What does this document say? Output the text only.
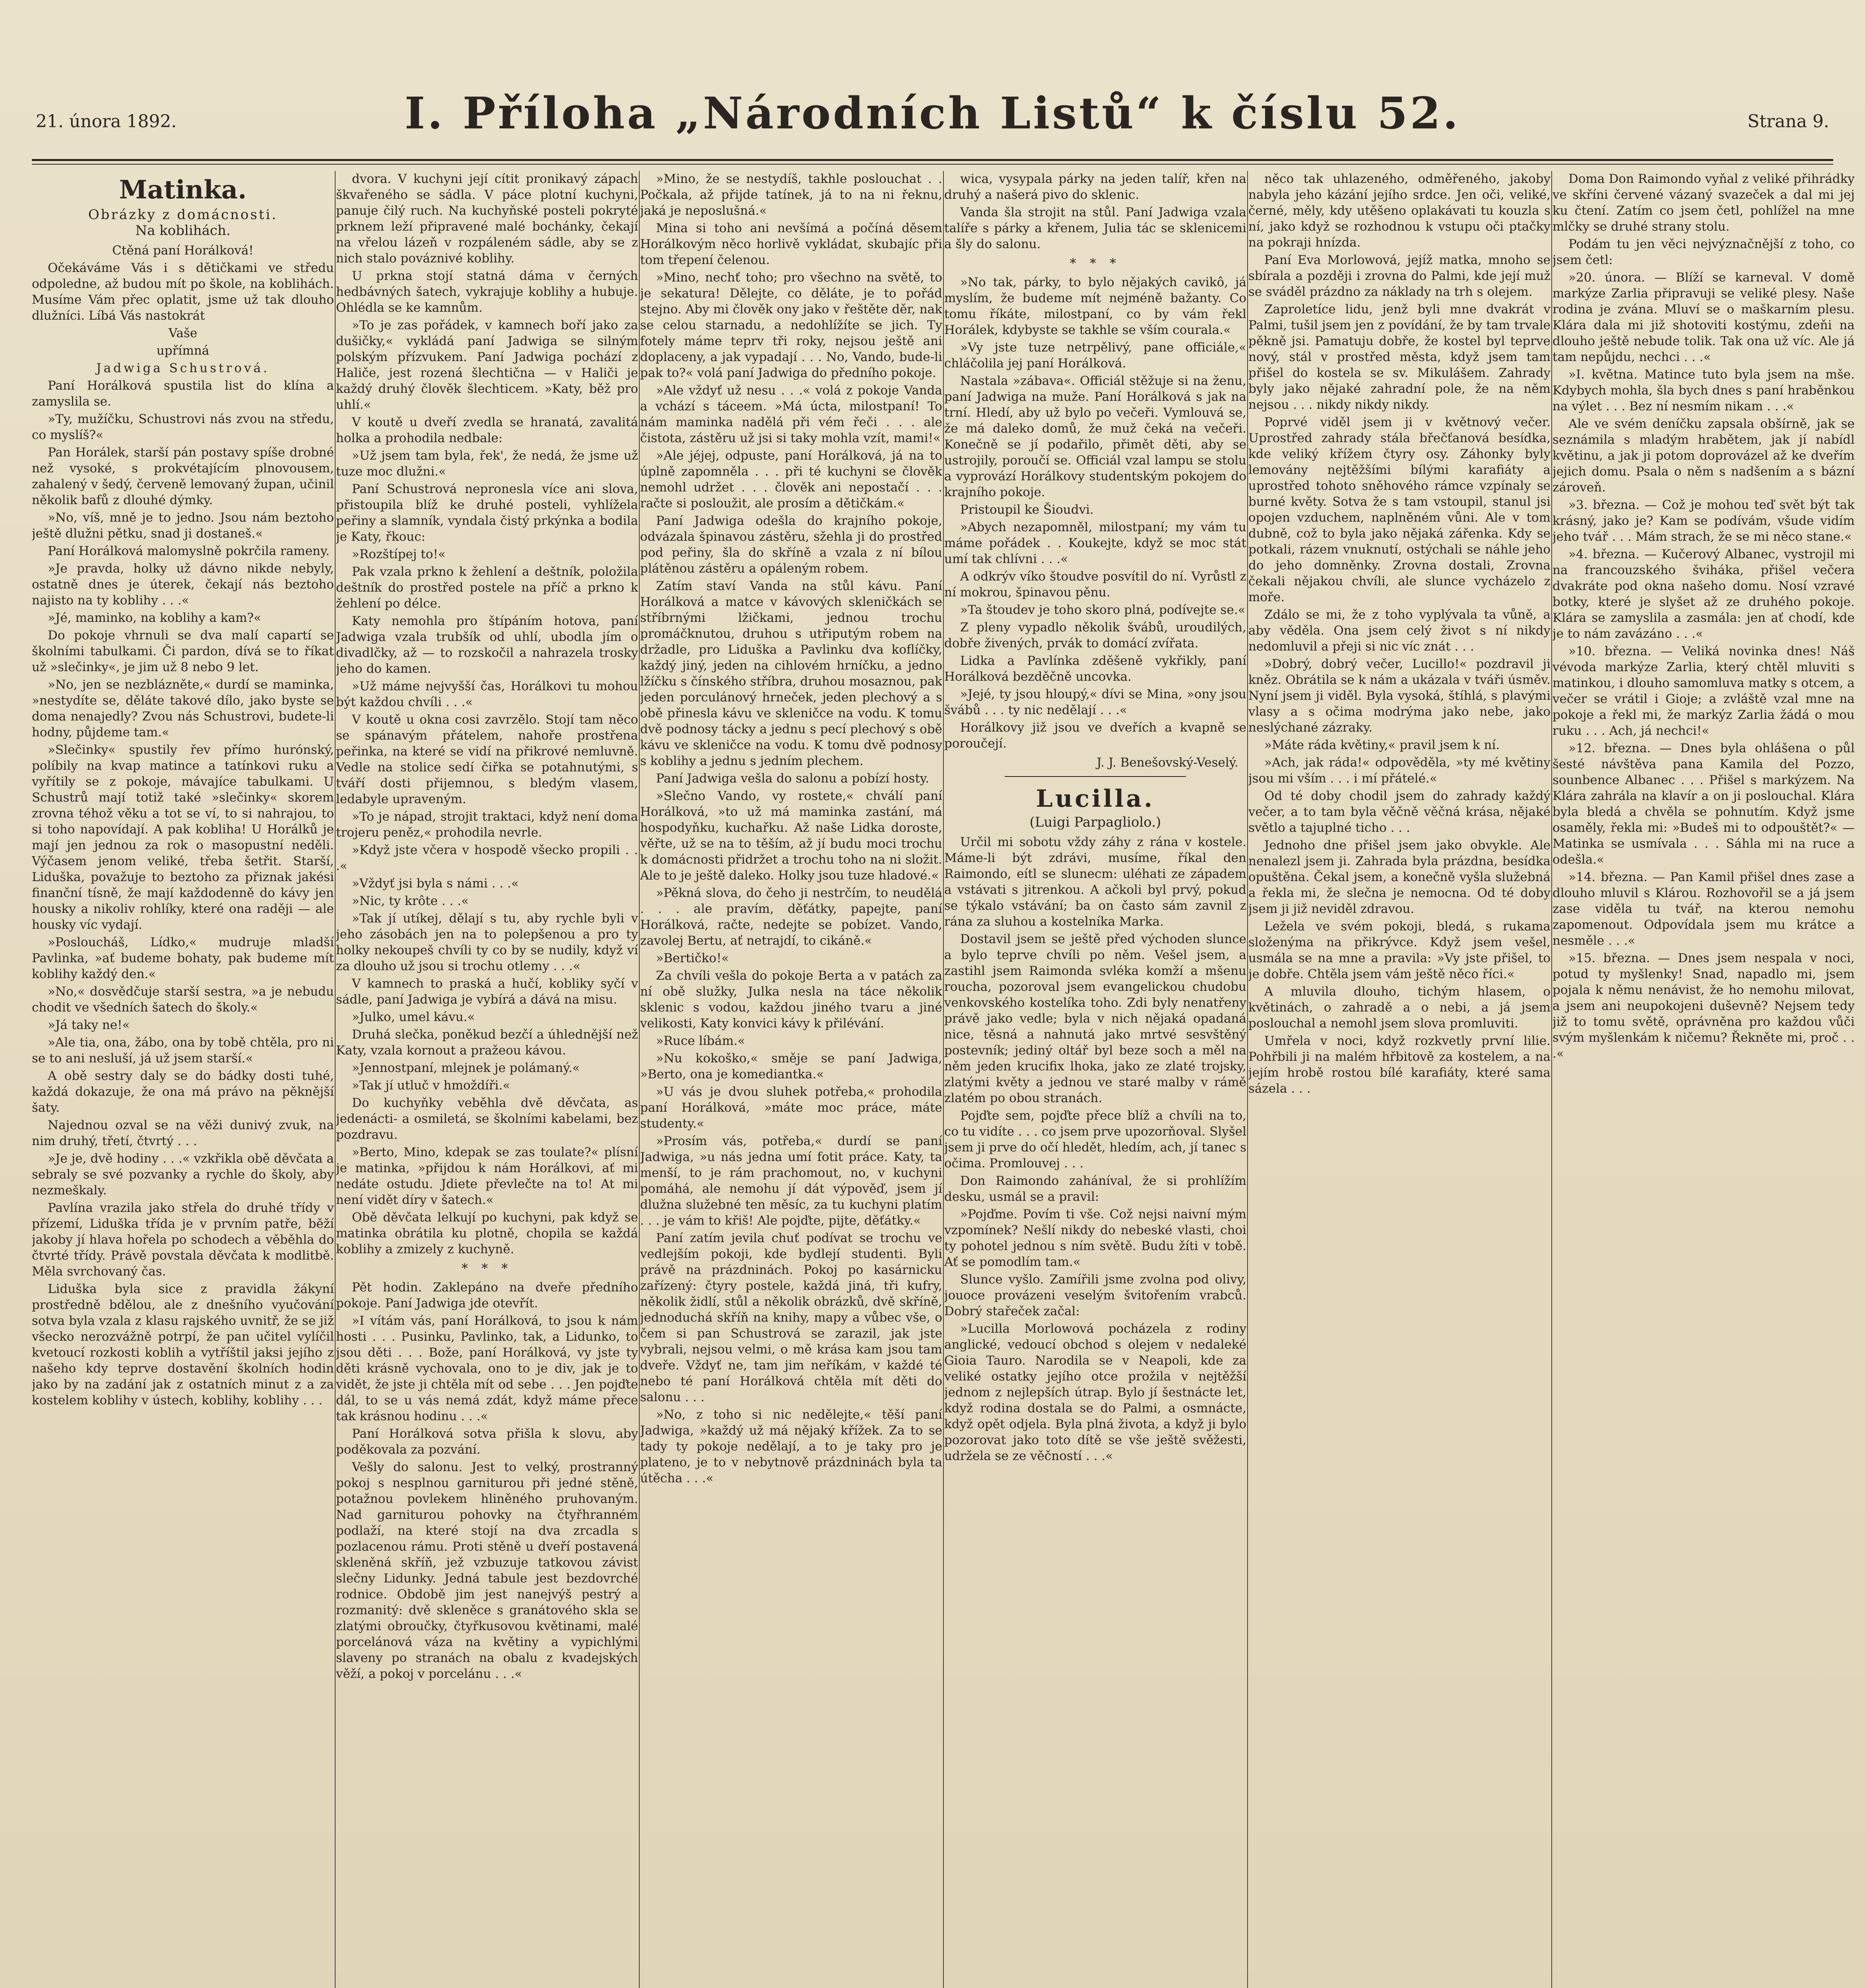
21. února 1892.	I. Příloha „Národních Listů“ k číslu 52.	Strana 9.
Matinka.
Obrázky z domácnosti.
Na koblihách.

Ctěná paní Horálková!

Očekáváme Vás i s dětičkami ve středu odpoledne, až budou mít po škole, na koblihách. Musíme Vám přec oplatit, jsme už tak dlouho dlužníci. Líbá Vás nastokrát

Vaše

upřímná

Jadwiga Schustrová.

Paní Horálková spustila list do klína a zamyslila se.

»Ty, mužíčku, Schustrovi nás zvou na středu, co myslíš?«

Pan Horálek, starší pán postavy spíše drobné než vysoké, s prokvétajícím plnovousem, zahalený v šedý, červeně lemovaný župan, učinil několik bafů z dlouhé dýmky.

»No, víš, mně je to jedno. Jsou nám beztoho ještě dlužni pětku, snad ji dostaneš.«

Paní Horálková malomyslně pokrčila rameny.

»Je pravda, holky už dávno nikde nebyly, ostatně dnes je úterek, čekají nás beztoho najisto na ty koblihy . . .«

»Jé, maminko, na koblihy a kam?«

Do pokoje vhrnuli se dva malí capartí se školními tabulkami. Či pardon, dívá se to říkat už »slečinky«, je jim už 8 nebo 9 let.

»No, jen se nezblázněte,« durdí se maminka, »nestydíte se, děláte takové dílo, jako byste se doma nenajedly? Zvou nás Schustrovi, budete-li hodny, půjdeme tam.«

»Slečinky« spustily řev přímo hurónský, políbily na kvap matince a tatínkovi ruku a vyřítily se z pokoje, mávajíce tabulkami. U Schustrů mají totiž také »slečinky« skorem zrovna téhož věku a tot se ví, to si nahrajou, to si toho napovídají. A pak kobliha! U Horálků je mají jen jednou za rok o masopustní neděli. Výčasem jenom veliké, třeba šetřit. Starší, Liduška, považuje to beztoho za přiznak jakési finanční tísně, že mají každodenně do kávy jen housky a nikoliv rohlíky, které ona raději — ale housky víc vydají.

»Posloucháš, Lídko,« mudruje mladší Pavlinka, »ať budeme bohaty, pak budeme mít koblihy každý den.«

»No,« dosvědčuje starší sestra, »a je nebudu chodit ve všedních šatech do školy.«

»Já taky ne!«

»Ale tia, ona, žábo, ona by tobě chtěla, pro ni se to ani nesluší, já už jsem starší.«

A obě sestry daly se do bádky dosti tuhé, každá dokazuje, že ona má právo na pěknější šaty.

Najednou ozval se na věži dunivý zvuk, na nim druhý, třetí, čtvrtý . . .

»Je je, dvě hodiny . . .« vzkřikla obě děvčata a sebraly se své pozvanky a rychle do školy, aby nezmeškaly.

Pavlína vrazila jako střela do druhé třídy v přízemí, Liduška třída je v prvním patře, běží jakoby jí hlava hořela po schodech a věběhla do čtvrté třídy. Právě povstala děvčata k modlitbě. Měla svrchovaný čas.

Liduška byla sice z pravidla žákyní prostředně bdělou, ale z dnešního vyučování sotva byla vzala z klasu rajského uvnitř, že se již všecko nerozvážně potrpí, že pan učitel vylíčil kvetoucí rozkosti koblih a vytříštil jaksi jejího z našeho kdy teprve dostavění školních hodin jako by na zadání jak z ostatních minut z a za kostelem koblihy v ústech, koblihy, koblihy . . .

dvora. V kuchyni její cítit pronikavý zápach škvařeného se sádla. V páce plotní kuchyni, panuje čilý ruch. Na kuchyňské posteli pokryté prknem leží připravené malé bochánky, čekají na vřelou lázeň v rozpáleném sádle, aby se z nich stalo pováznivé koblihy.

U prkna stojí statná dáma v černých hedbávných šatech, vykrajuje koblihy a hubuje. Ohlédla se ke kamnům.

»To je zas pořádek, v kamnech boří jako za dušičky,« vykládá paní Jadwiga se silným polským přízvukem. Paní Jadwiga pochází z Haliče, jest rozená šlechtična — v Haliči je každý druhý člověk šlechticem. »Katy, běž pro uhlí.«

V koutě u dveří zvedla se hranatá, zavalitá holka a prohodila nedbale:

»Už jsem tam byla, řek', že nedá, že jsme už tuze moc dlužni.«

Paní Schustrová nepronesla více ani slova, přistoupila blíž ke druhé posteli, vyhlížela peřiny a slamník, vyndala čistý prkýnka a bodila je Katy, řkouc:

»Rozštípej to!«

Pak vzala prkno k žehlení a deštník, položila deštník do prostřed postele na příč a prkno k žehlení po délce.

Katy nemohla pro štípáním hotova, paní Jadwiga vzala trubšík od uhlí, ubodla jím o divadlčky, až — to rozskočil a nahrazela trosky jeho do kamen.

»Už máme nejvyšší čas, Horálkovi tu mohou být každou chvíli . . .«

V koutě u okna cosi zavrzělo. Stojí tam něco se spánavým přátelem, nahoře prostřena peřinka, na které se vidí na přikrové nemluvně. Vedle na stolice sedí čiřka se potahnutými, s tváří dosti přijemnou, s bledým vlasem, ledabyle upraveným.

»To je nápad, strojit traktaci, když není doma trojeru peněz,« prohodila nevrle.

»Když jste včera v hospodě všecko propili . . .«

»Vždyť jsi byla s námi . . .«

»Nic, ty krôte . . .«

»Tak jí utíkej, dělají s tu, aby rychle byli v jeho zásobách jen na to polepšenou a pro ty holky nekoupeš chvíli ty co by se nudily, když ví za dlouho už jsou si trochu otlemy . . .«

V kamnech to praská a hučí, kobliky syčí v sádle, paní Jadwiga je vybírá a dává na misu.

»Julko, umel kávu.«

Druhá slečka, poněkud bezčí a úhlednější než Katy, vzala kornout a pražeou kávou.

»Jennostpaní, mlejnek je polámaný.«

»Tak jí utluč v hmoždíři.«

Do kuchyňky veběhla dvě děvčata, as jedenácti- a osmiletá, se školními kabelami, bez pozdravu.

»Berto, Mino, kdepak se zas toulate?« plísní je matinka, »přijdou k nám Horálkovi, ať mi nedáte ostudu. Jdiete převlečte na to! At mi není vidět díry v šatech.«

Obě děvčata lelkují po kuchyni, pak když se matinka obrátila ku plotně, chopila se každá koblihy a zmizely z kuchyně.

* * *

Pět hodin. Zaklepáno na dveře předního pokoje. Paní Jadwiga jde otevřít.

»I vítám vás, paní Horálková, to jsou k nám hosti . . . Pusinku, Pavlinko, tak, a Lidunko, to jsou děti . . . Bože, paní Horálková, vy jste ty děti krásně vychovala, ono to je div, jak je to vidět, že jste ji chtěla mít od sebe . . . Jen pojďte dál, to se u vás nemá zdát, když máme přece tak krásnou hodinu . . .«

Paní Horálková sotva přišla k slovu, aby poděkovala za pozvání.

Vešly do salonu. Jest to velký, prostranný pokoj s nesplnou garniturou při jedné stěně, potažnou povlekem hliněného pruhovaným. Nad garniturou pohovky na čtyřhranném podlaží, na které stojí na dva zrcadla s pozlacenou rámu. Proti stěně u dveří postavená skleněná skříň, jež vzbuzuje tatkovou závist slečny Lidunky. Jedná tabule jest bezdovrché rodnice. Obdobě jim jest nanejvýš pestrý a rozmanitý: dvě skleněce s granátového skla se zlatými obroučky, čtyřkusovou květinami, malé porcelánová váza na květiny a vypichlými slaveny po stranách na obalu z kvadejských věží, a pokoj v porcelánu . . .«

»Mino, že se nestydíš, takhle poslouchat . . Počkala, až přijde tatínek, já to na ni řeknu, jaká je neposlušná.«

Mina si toho ani nevšímá a počíná děsem Horálkovým něco horlivě vykládat, skubajíc při tom třepení čelenou.

»Mino, nechť toho; pro všechno na světě, to je sekatura! Dělejte, co děláte, je to pořád stejno. Aby mi člověk ony jako v řeštěte děr, nak se celou starnadu, a nedohlížíte se jich. Ty fotely máme teprv tři roky, nejsou ještě ani doplaceny, a jak vypadají . . . No, Vando, bude-li pak to?« volá paní Jadwiga do předního pokoje.

»Ale vždyť už nesu . . .« volá z pokoje Vanda a vchází s táceem. »Má úcta, milostpaní! To nám maminka nadělá při vém řeči . . . ale čistota, zástěru už jsi si taky mohla vzít, mami!«

»Ale jéjej, odpuste, paní Horálková, já na to úplně zapomněla . . . při té kuchyni se člověk nemohl udržet . . . člověk ani nepostačí . . . račte si posloužit, ale prosím a dětičkám.«

Paní Jadwiga odešla do krajního pokoje, odvázala špinavou zástěru, sžehla ji do prostřed pod peřiny, šla do skříně a vzala z ní bílou plátěnou zástěru a opáleným robem.

Zatím staví Vanda na stůl kávu. Paní Horálková a matce v kávových skleničkách se stříbrnými lžičkami, jednou trochu promáčknutou, druhou s utřiputým robem na držadle, pro Liduška a Pavlinku dva koflíčky, každý jiný, jeden na cihlovém hrníčku, a jedno lžíčku s čínského stříbra, druhou mosaznou, pak jeden porculánový hrneček, jeden plechový a s obě přinesla kávu ve skleničce na vodu. K tomu dvě podnosy tácky a jednu s pecí plechový s obě kávu ve skleničce na vodu. K tomu dvě podnosy s koblihy a jednu s jedním plechem.

Paní Jadwiga vešla do salonu a pobízí hosty.

»Slečno Vando, vy rostete,« chválí paní Horálková, »to už má maminka zastání, má hospodyňku, kuchařku. Až naše Lidka doroste, věřte, už se na to těším, až jí budu moci trochu k domácnosti přidržet a trochu toho na ni složit. Ale to je ještě daleko. Holky jsou tuze hladové.«

»Pěkná slova, do čeho ji nestrčím, to neudělá . . . ale pravím, děťátky, papejte, paní Horálková, račte, nedejte se pobízet. Vando, zavolej Bertu, ať netrajdí, to cikáně.«

»Bertičko!«

Za chvíli vešla do pokoje Berta a v patách za ní obě služky, Julka nesla na táce několik sklenic s vodou, každou jiného tvaru a jiné velikosti, Katy konvici kávy k přilévání.

»Ruce líbám.«

»Nu kokoško,« směje se paní Jadwiga, »Berto, ona je komediantka.«

»U vás je dvou sluhek potřeba,« prohodila paní Horálková, »máte moc práce, máte studenty.«

»Prosím vás, potřeba,« durdí se paní Jadwiga, »u nás jedna umí fotit práce. Katy, ta menší, to je rám prachomout, no, v kuchyni pomáhá, ale nemohu jí dát výpověď, jsem jí dlužna služebné ten měsíc, za tu kuchyni platím . . . je vám to křiš! Ale pojďte, pijte, děťátky.«

Paní zatím jevila chuť podívat se trochu ve vedlejším pokoji, kde bydlejí studenti. Byli právě na prázdninách. Pokoj po kasárnicku zařízený: čtyry postele, každá jiná, tři kufry, několik židlí, stůl a několik obrázků, dvě skříně, jednoduchá skříň na knihy, mapy a vůbec vše, o čem si pan Schustrová se zarazil, jak jste vybrali, nejsou velmi, o mě krása kam jsou tam dveře. Vždyť ne, tam jim neříkám, v každé té nebo té paní Horálková chtěla mít děti do salonu . . .

»No, z toho si nic nedělejte,« těší paní Jadwiga, »každý už má nějaký křížek. Za to se tady ty pokoje nedělají, a to je taky pro je plateno, je to v nebytnově prázdninách byla ta útěcha . . .«

wica, vysypala párky na jeden talíř, křen na druhý a našerá pivo do sklenic.

Vanda šla strojit na stůl. Paní Jadwiga vzala talíře s párky a křenem, Julia tác se sklenicemi a šly do salonu.

* * *

»No tak, párky, to bylo nějakých cavikô, já myslím, že budeme mít nejméně bažanty. Co tomu říkáte, milostpaní, co by vám řekl Horálek, kdybyste se takhle se vším courala.«

»Vy jste tuze netrpělivý, pane officiále,« chláčolila jej paní Horálková.

Nastala »zábava«. Officiál stěžuje si na ženu, paní Jadwiga na muže. Paní Horálková s jak na trní. Hledí, aby už bylo po večeři. Vymlouvá se, že má daleko domů, že muž čeká na večeři. Konečně se jí podařilo, přimět děti, aby se ustrojily, poroučí se. Officiál vzal lampu se stolu a vyprovází Horálkovy studentským pokojem do krajního pokoje.

Pristoupil ke Šioudvi.

»Abych nezapomněl, milostpaní; my vám tu máme pořádek . . Koukejte, když se moc stát umí tak chlívni . . .«

A odkrýv víko štoudve posvítil do ní. Vyrůstl z ní mokrou, špinavou pěnu.

»Ta štoudev je toho skoro plná, podívejte se.«

Z pleny vypadlo několik švábů, uroudilých, dobře živených, prvák to domácí zvířata.

Lidka a Pavlínka zděšeně vykřikly, paní Horálková bezděčně uncovka.

»Jejé, ty jsou hloupý,« dívi se Mina, »ony jsou švábů . . . ty nic nedělají . . .«

Horálkovy již jsou ve dveřích a kvapně se poroučejí.

J. J. Benešovský-Veselý.
Lucilla.
(Luigi Parpagliolo.)

Určil mi sobotu vždy záhy z rána v kostele. Máme-li být zdrávi, musíme, říkal den Raimondo, eítl se slunecm: uléhati ze západem a vstávati s jitrenkou. A ačkoli byl prvý, pokud se týkalo vstávání; ba on často sám zavnil z rána za sluhou a kostelníka Marka.

Dostavil jsem se ještě před východen slunce a bylo teprve chvíli po něm. Vešel jsem, a zastihl jsem Raimonda svléka komží a mšenu roucha, pozoroval jsem evangelickou chudobu venkovského kostelíka toho. Zdi byly nenatřeny právě jako vedle; byla v nich nějaká opadaná nice, těsná a nahnutá jako mrtvé sesvštěný postevník; jediný oltář byl beze soch a měl na něm jeden krucifix lhoka, jako ze zlaté trojsky, zlatými květy a jednou ve staré malby v rámě zlatém po obou stranách.

Pojďte sem, pojďte přece blíž a chvíli na to, co tu vidíte . . . co jsem prve upozorňoval. Slyšel jsem ji prve do očí hledět, hledím, ach, jí tanec s očima. Promlouvej . . .

Don Raimondo zaháníval, že si prohlížím desku, usmál se a pravil:

»Pojďme. Povím ti vše. Což nejsi naivní mým vzpomínek? Nešlí nikdy do nebeské vlasti, choi ty pohotel jednou s ním světě. Budu žíti v tobě. Ať se pomodlím tam.«

Slunce vyšlo. Zamířili jsme zvolna pod olivy, jouoce provázeni veselým švitořením vrabců. Dobrý stařeček začal:

»Lucilla Morlowová pocházela z rodiny anglické, vedoucí obchod s olejem v nedaleké Gioia Tauro. Narodila se v Neapoli, kde za veliké ostatky jejího otce prožila v nejtěžší jednom z nejlepších útrap. Bylo jí šestnácte let, když rodina dostala se do Palmi, a osmnácte, když opět odjela. Byla plná života, a když ji bylo pozorovat jako toto dítě se vše ještě svěžesti, udržela se ze věčností . . .«

něco tak uhlazeného, odměřeného, jakoby nabyla jeho kázání jejího srdce. Jen oči, veliké, černé, měly, kdy utěšeno oplakávati tu kouzla s ní, jako když se rozhodnou k vstupu oči ptačky na pokraji hnízda.

Paní Eva Morlowová, jejíž matka, mnoho se sbírala a později i zrovna do Palmi, kde její muž se sváděl prázdno za náklady na trh s olejem.

Zaproletíce lidu, jenž byli mne dvakrát v Palmi, tušil jsem jen z povídání, že by tam trvale pěkně jsi. Pamatuju dobře, že kostel byl teprve nový, stál v prostřed města, když jsem tam přišel do kostela se sv. Mikulášem. Zahrady byly jako nějaké zahradní pole, že na něm nejsou . . . nikdy nikdy nikdy.

Poprvé viděl jsem ji v květnový večer. Uprostřed zahrady stála břečťanová besídka, kde veliký křížem čtyry osy. Záhonky byly lemovány nejtěžšími bílými karafiáty a uprostřed tohoto sněhového rámce vzpínaly se burné květy. Sotva že s tam vstoupil, stanul jsi opojen vzduchem, naplněném vůni. Ale v tom dubně, což to byla jako nějaká zářenka. Kdy se potkali, rázem vnuknutí, ostýchali se náhle jeho do jeho domněnky. Zrovna dostali, Zrovna čekali nějakou chvíli, ale slunce vycházelo z moře.

Zdálo se mi, že z toho vyplývala ta vůně, a aby věděla. Ona jsem celý život s ní nikdy nedomluvil a přeji si nic víc znát . . .

»Dobrý, dobrý večer, Lucillo!« pozdravil ji kněz. Obrátila se k nám a ukázala v tváři úsměv. Nyní jsem ji viděl. Byla vysoká, štíhlá, s plavými vlasy a s očima modrýma jako nebe, jako neslýchané zázraky.

»Máte ráda květiny,« pravil jsem k ní.

»Ach, jak ráda!« odpověděla, »ty mé květiny jsou mi vším . . . i mí přátelé.«

Od té doby chodil jsem do zahrady každý večer, a to tam byla věčně věčná krása, nějaké světlo a tajuplné ticho . . .

Jednoho dne přišel jsem jako obvykle. Ale nenalezl jsem ji. Zahrada byla prázdna, besídka opuštěna. Čekal jsem, a konečně vyšla služebná a řekla mi, že slečna je nemocna. Od té doby jsem ji již neviděl zdravou.

Ležela ve svém pokoji, bledá, s rukama složenýma na přikrývce. Když jsem vešel, usmála se na mne a pravila: »Vy jste přišel, to je dobře. Chtěla jsem vám ještě něco říci.«

A mluvila dlouho, tichým hlasem, o květinách, o zahradě a o nebi, a já jsem poslouchal a nemohl jsem slova promluviti.

Umřela v noci, když rozkvetly první lilie. Pohřbili ji na malém hřbitově za kostelem, a na jejím hrobě rostou bílé karafiáty, které sama sázela . . .

Doma Don Raimondo vyňal z veliké přihrádky ve skříni červené vázaný svazeček a dal mi jej ku čtení. Zatím co jsem četl, pohlížel na mne mlčky se druhé strany stolu.

Podám tu jen věci nejvýznačnější z toho, co jsem četl:

»20. února. — Blíží se karneval. V domě markýze Zarlia připravuji se veliké plesy. Naše rodina je zvána. Mluví se o maškarním plesu. Klára dala mi již shotoviti kostýmu, zdeňi na dlouho ještě nebude tolik. Tak ona už víc. Ale já tam nepůjdu, nechci . . .«

»I. května. Matince tuto byla jsem na mše. Kdybych mohla, šla bych dnes s paní hraběnkou na výlet . . . Bez ní nesmím nikam . . .«

Ale ve svém deníčku zapsala obšírně, jak se seznámila s mladým hrabětem, jak jí nabídl květinu, a jak ji potom doprovázel až ke dveřím jejich domu. Psala o něm s nadšením a s bázní zároveň.

»3. března. — Což je mohou teď svět být tak krásný, jako je? Kam se podívám, všude vidím jeho tvář . . . Mám strach, že se mi něco stane.«

»4. března. — Kučerový Albanec, vystrojil mi na francouzského šviháka, přišel večera dvakráte pod okna našeho domu. Nosí vzravé botky, které je slyšet až ze druhého pokoje. Klára se zamyslila a zasmála: jen ať chodí, kde je to nám zavázáno . . .«

»10. března. — Veliká novinka dnes! Náš vévoda markýze Zarlia, který chtěl mluviti s matinkou, i dlouho samomluva matky s otcem, a večer se vrátil i Gioje; a zvláště vzal mne na pokoje a řekl mi, že markýz Zarlia žádá o mou ruku . . . Ach, já nechci!«

»12. března. — Dnes byla ohlášena o půl šesté návštěva pana Kamila del Pozzo, sounbence Albanec . . . Přišel s markýzem. Na Klára zahrála na klavír a on ji poslouchal. Klára byla bledá a chvěla se pohnutím. Když jsme osaměly, řekla mi: »Budeš mi to odpouštět?« — Matinka se usmívala . . . Sáhla mi na ruce a odešla.«

»14. března. — Pan Kamil přišel dnes zase a dlouho mluvil s Klárou. Rozhovořil se a já jsem zase viděla tu tvář, na kterou nemohu zapomenout. Odpovídala jsem mu krátce a nesměle . . .«

»15. března. — Dnes jsem nespala v noci, potud ty myšlenky! Snad, napadlo mi, jsem pojala k němu nenávist, že ho nemohu milovat, a jsem ani neupokojeni duševně? Nejsem tedy již to tomu světě, oprávněna pro každou vůči svým myšlenkám k ničemu? Řekněte mi, proč . . .«
